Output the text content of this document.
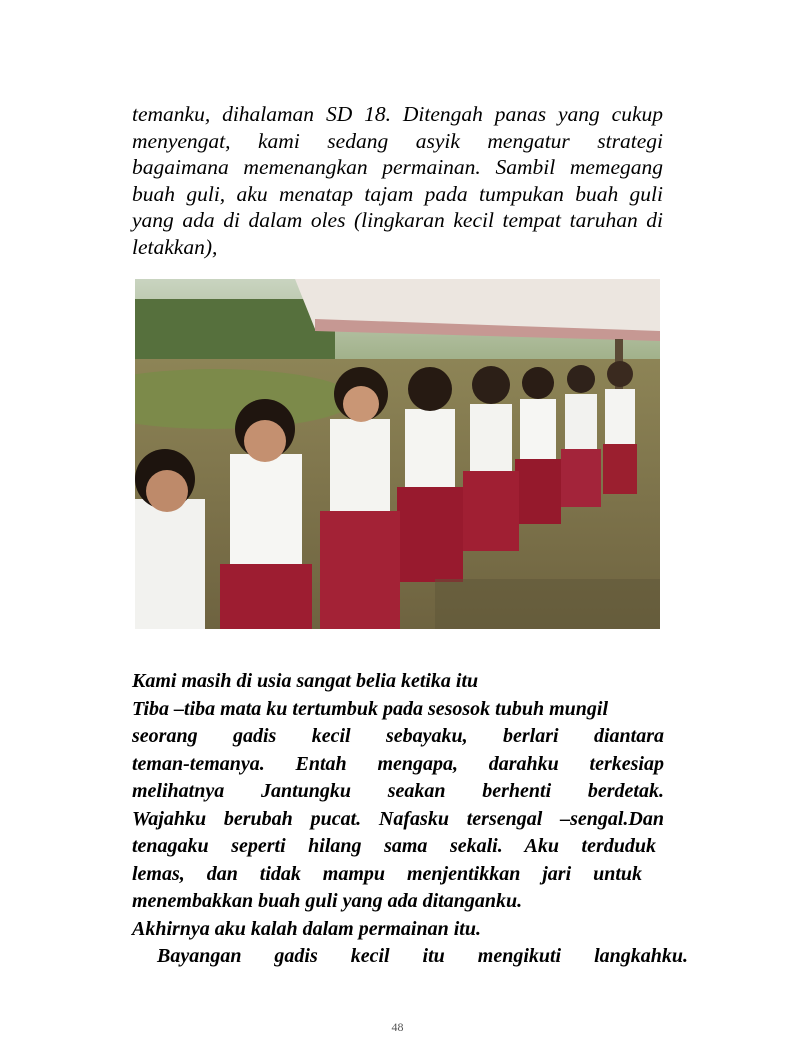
temanku, dihalaman SD 18. Ditengah panas yang cukup
menyengat, kami sedang asyik mengatur strategi
bagaimana memenangkan permainan. Sambil memegang
buah guli, aku menatap tajam pada tumpukan buah guli
yang ada di dalam oles (lingkaran kecil tempat taruhan di
letakkan),
Kami masih di usia sangat belia ketika itu
Tiba –tiba mata ku tertumbuk pada sesosok tubuh mungil
seorang gadis kecil sebayaku, berlari diantara
teman-temanya. Entah mengapa, darahku terkesiap
melihatnya Jantungku seakan berhenti berdetak.
Wajahku berubah pucat. Nafasku tersengal –sengal.Dan
tenagaku seperti hilang sama sekali. Aku terduduk
lemas, dan tidak mampu menjentikkan jari untuk
menembakkan buah guli yang ada ditanganku.
Akhirnya aku kalah dalam permainan itu.
Bayangan gadis kecil itu mengikuti langkahku.
48
